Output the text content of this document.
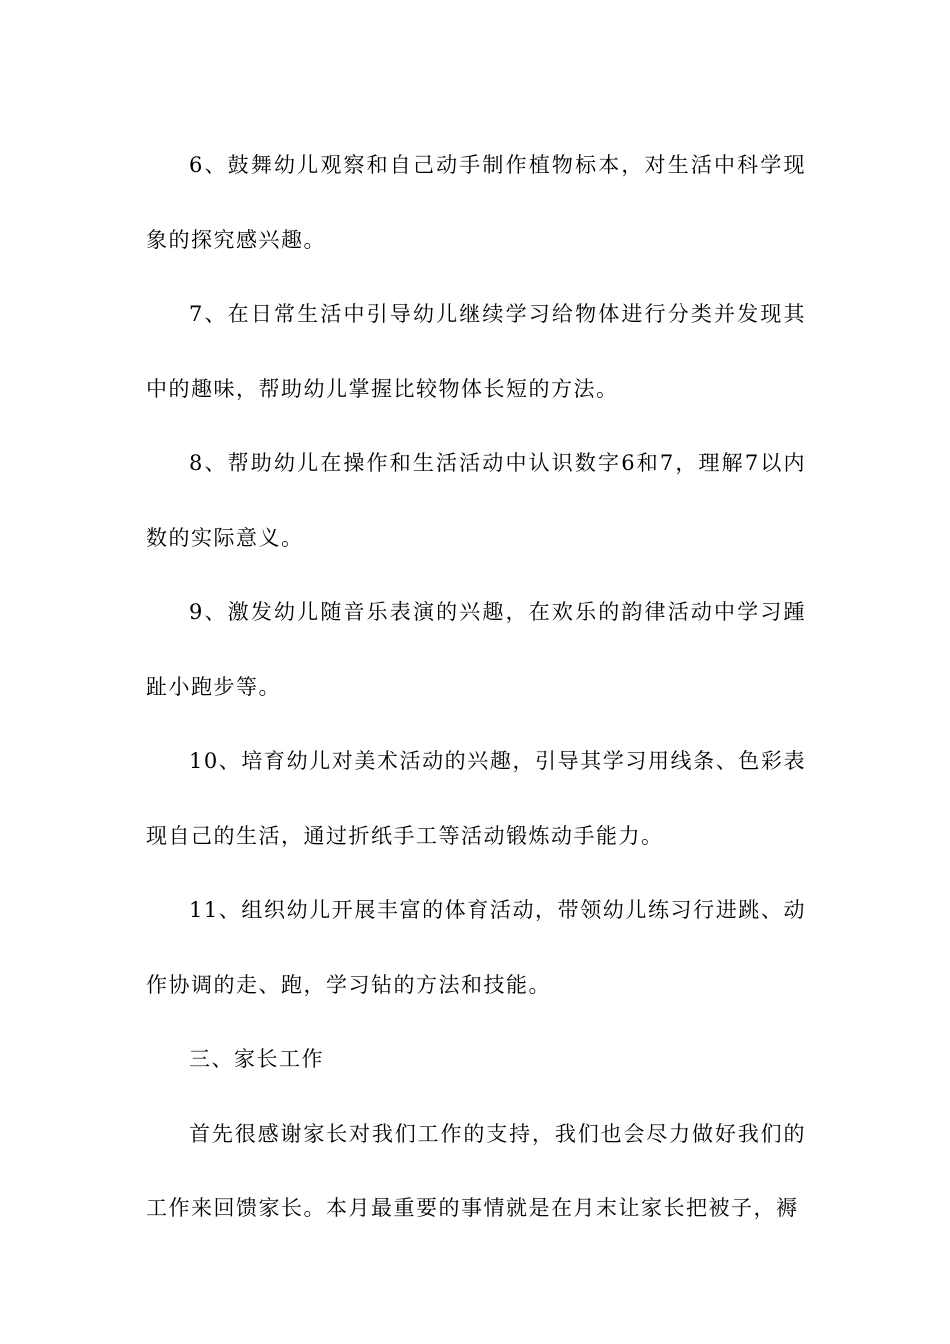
6、鼓舞幼儿观察和自己动手制作植物标本，对生活中科学现象的探究感兴趣。

7、在日常生活中引导幼儿继续学习给物体进行分类并发现其中的趣味，帮助幼儿掌握比较物体长短的方法。

8、帮助幼儿在操作和生活活动中认识数字6和7，理解7以内数的实际意义。

9、激发幼儿随音乐表演的兴趣，在欢乐的韵律活动中学习踵趾小跑步等。

10、培育幼儿对美术活动的兴趣，引导其学习用线条、色彩表现自己的生活，通过折纸手工等活动锻炼动手能力。

11、组织幼儿开展丰富的体育活动，带领幼儿练习行进跳、动作协调的走、跑，学习钻的方法和技能。

三、家长工作

首先很感谢家长对我们工作的支持，我们也会尽力做好我们的工作来回馈家长。本月最重要的事情就是在月末让家长把被子，褥
